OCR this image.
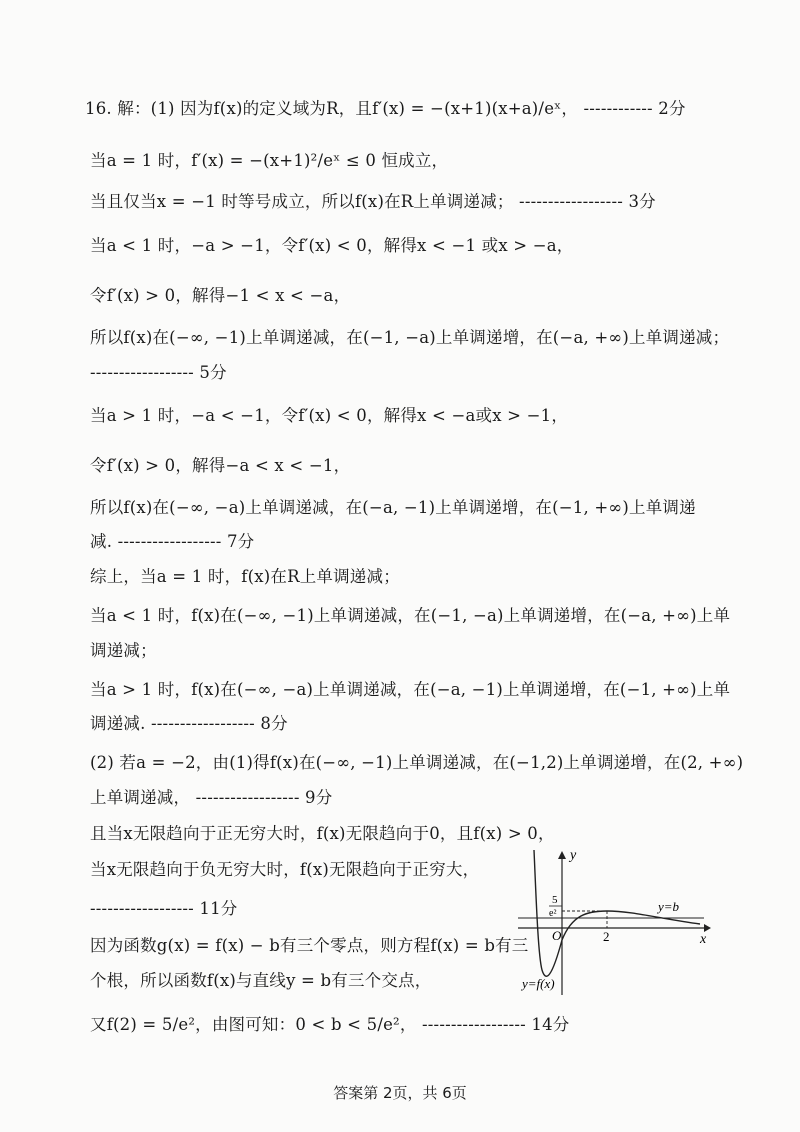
16. 解：(1) 因为f(x)的定义域为R，且f′(x) = −(x+1)(x+a)/eˣ， ------------ 2分
当a = 1 时，f′(x) = −(x+1)²/eˣ ≤ 0 恒成立，
当且仅当x = −1 时等号成立，所以f(x)在R上单调递减； ------------------ 3分
当a < 1 时，−a > −1，令f′(x) < 0，解得x < −1 或x > −a，
令f′(x) > 0，解得−1 < x < −a，
所以f(x)在(−∞, −1)上单调递减，在(−1, −a)上单调递增，在(−a, +∞)上单调递减；
------------------ 5分
当a > 1 时，−a < −1，令f′(x) < 0，解得x < −a或x > −1，
令f′(x) > 0，解得−a < x < −1，
所以f(x)在(−∞, −a)上单调递减，在(−a, −1)上单调递增，在(−1, +∞)上单调递
减. ------------------ 7分
综上，当a = 1 时，f(x)在R上单调递减；
当a < 1 时，f(x)在(−∞, −1)上单调递减，在(−1, −a)上单调递增，在(−a, +∞)上单
调递减；
当a > 1 时，f(x)在(−∞, −a)上单调递减，在(−a, −1)上单调递增，在(−1, +∞)上单
调递减. ------------------ 8分
(2) 若a = −2，由(1)得f(x)在(−∞, −1)上单调递减，在(−1,2)上单调递增，在(2, +∞)
上单调递减， ------------------ 9分
且当x无限趋向于正无穷大时，f(x)无限趋向于0，且f(x) > 0，
当x无限趋向于负无穷大时，f(x)无限趋向于正穷大，
------------------ 11分
因为函数g(x) = f(x) − b有三个零点，则方程f(x) = b有三
个根，所以函数f(x)与直线y = b有三个交点，
又f(2) = 5/e²，由图可知：0 < b < 5/e²， ------------------ 14分
y
x
O	2
5
e²	y=b
y=f(x)
答案第 2页，共 6页
